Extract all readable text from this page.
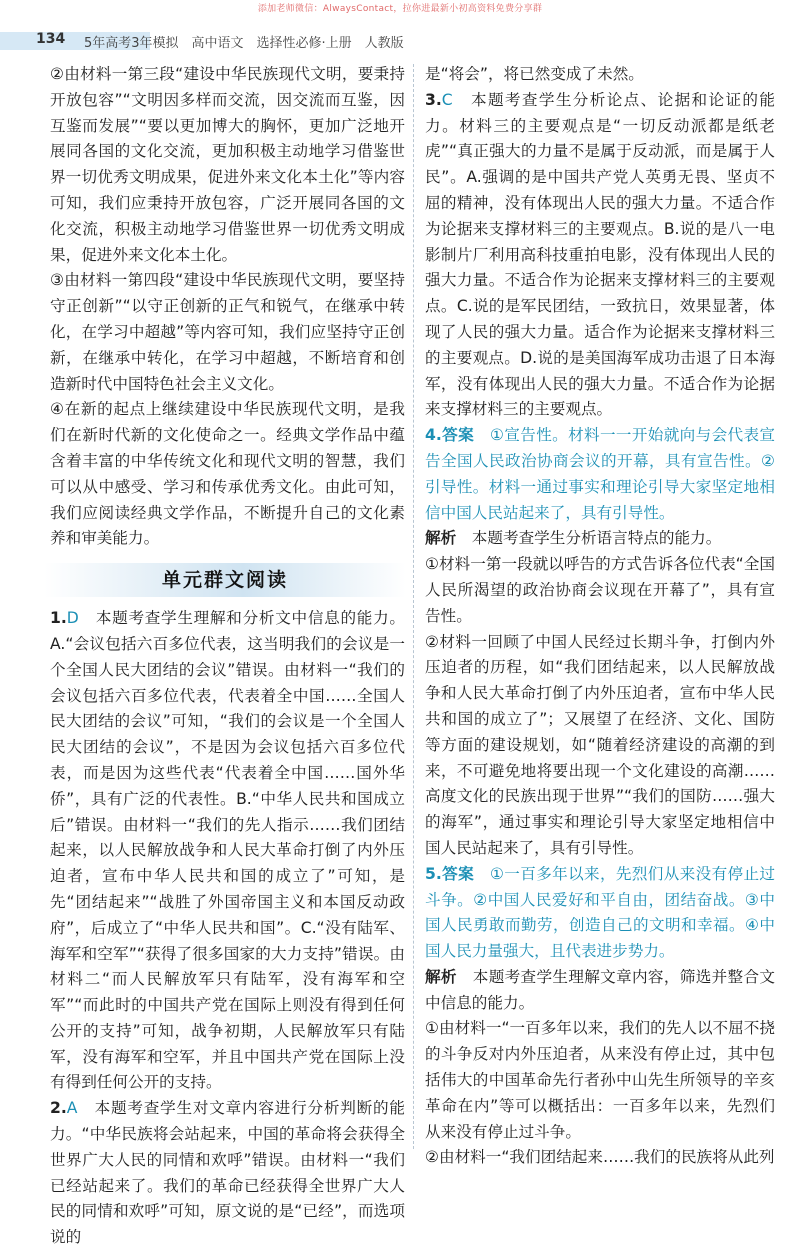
添加老师微信：AlwaysContact，拉你进最新小初高资料免费分享群
134 5年高考3年模拟　高中语文　选择性必修·上册　人教版

②由材料一第三段“建设中华民族现代文明，要秉持开放包容”“文明因多样而交流，因交流而互鉴，因互鉴而发展”“要以更加博大的胸怀，更加广泛地开展同各国的文化交流，更加积极主动地学习借鉴世界一切优秀文明成果，促进外来文化本土化”等内容可知，我们应秉持开放包容，广泛开展同各国的文化交流，积极主动地学习借鉴世界一切优秀文明成果，促进外来文化本土化。

③由材料一第四段“建设中华民族现代文明，要坚持守正创新”“以守正创新的正气和锐气，在继承中转化，在学习中超越”等内容可知，我们应坚持守正创新，在继承中转化，在学习中超越，不断培育和创造新时代中国特色社会主义文化。

④在新的起点上继续建设中华民族现代文明，是我们在新时代新的文化使命之一。经典文学作品中蕴含着丰富的中华传统文化和现代文明的智慧，我们可以从中感受、学习和传承优秀文化。由此可知，我们应阅读经典文学作品，不断提升自己的文化素养和审美能力。

单元群文阅读

1.D　本题考查学生理解和分析文中信息的能力。A.“会议包括六百多位代表，这当明我们的会议是一个全国人民大团结的会议”错误。由材料一“我们的会议包括六百多位代表，代表着全中国……全国人民大团结的会议”可知，“我们的会议是一个全国人民大团结的会议”，不是因为会议包括六百多位代表，而是因为这些代表“代表着全中国……国外华侨”，具有广泛的代表性。B.“中华人民共和国成立后”错误。由材料一“我们的先人指示……我们团结起来，以人民解放战争和人民大革命打倒了内外压迫者，宣布中华人民共和国的成立了”可知，是先“团结起来”“战胜了外国帝国主义和本国反动政府”，后成立了“中华人民共和国”。C.“没有陆军、海军和空军”“获得了很多国家的大力支持”错误。由材料二“而人民解放军只有陆军，没有海军和空军”“而此时的中国共产党在国际上则没有得到任何公开的支持”可知，战争初期，人民解放军只有陆军，没有海军和空军，并且中国共产党在国际上没有得到任何公开的支持。

2.A　本题考查学生对文章内容进行分析判断的能力。“中华民族将会站起来，中国的革命将会获得全世界广大人民的同情和欢呼”错误。由材料一“我们已经站起来了。我们的革命已经获得全世界广大人民的同情和欢呼”可知，原文说的是“已经”，而选项说的

是“将会”，将已然变成了未然。

3.C　本题考查学生分析论点、论据和论证的能力。材料三的主要观点是“一切反动派都是纸老虎”“真正强大的力量不是属于反动派，而是属于人民”。A.强调的是中国共产党人英勇无畏、坚贞不屈的精神，没有体现出人民的强大力量。不适合作为论据来支撑材料三的主要观点。B.说的是八一电影制片厂利用高科技重拍电影，没有体现出人民的强大力量。不适合作为论据来支撑材料三的主要观点。C.说的是军民团结，一致抗日，效果显著，体现了人民的强大力量。适合作为论据来支撑材料三的主要观点。D.说的是美国海军成功击退了日本海军，没有体现出人民的强大力量。不适合作为论据来支撑材料三的主要观点。

4.答案　①宣告性。材料一一开始就向与会代表宣告全国人民政治协商会议的开幕，具有宣告性。②引导性。材料一通过事实和理论引导大家坚定地相信中国人民站起来了，具有引导性。

解析　本题考查学生分析语言特点的能力。

①材料一第一段就以呼告的方式告诉各位代表“全国人民所渴望的政治协商会议现在开幕了”，具有宣告性。

②材料一回顾了中国人民经过长期斗争，打倒内外压迫者的历程，如“我们团结起来，以人民解放战争和人民大革命打倒了内外压迫者，宣布中华人民共和国的成立了”；又展望了在经济、文化、国防等方面的建设规划，如“随着经济建设的高潮的到来，不可避免地将要出现一个文化建设的高潮……高度文化的民族出现于世界”“我们的国防……强大的海军”，通过事实和理论引导大家坚定地相信中国人民站起来了，具有引导性。

5.答案　①一百多年以来，先烈们从来没有停止过斗争。②中国人民爱好和平自由，团结奋战。③中国人民勇敢而勤劳，创造自己的文明和幸福。④中国人民力量强大，且代表进步势力。

解析　本题考查学生理解文章内容，筛选并整合文中信息的能力。

①由材料一“一百多年以来，我们的先人以不屈不挠的斗争反对内外压迫者，从来没有停止过，其中包括伟大的中国革命先行者孙中山先生所领导的辛亥革命在内”等可以概括出：一百多年以来，先烈们从来没有停止过斗争。

②由材料一“我们团结起来……我们的民族将从此列
